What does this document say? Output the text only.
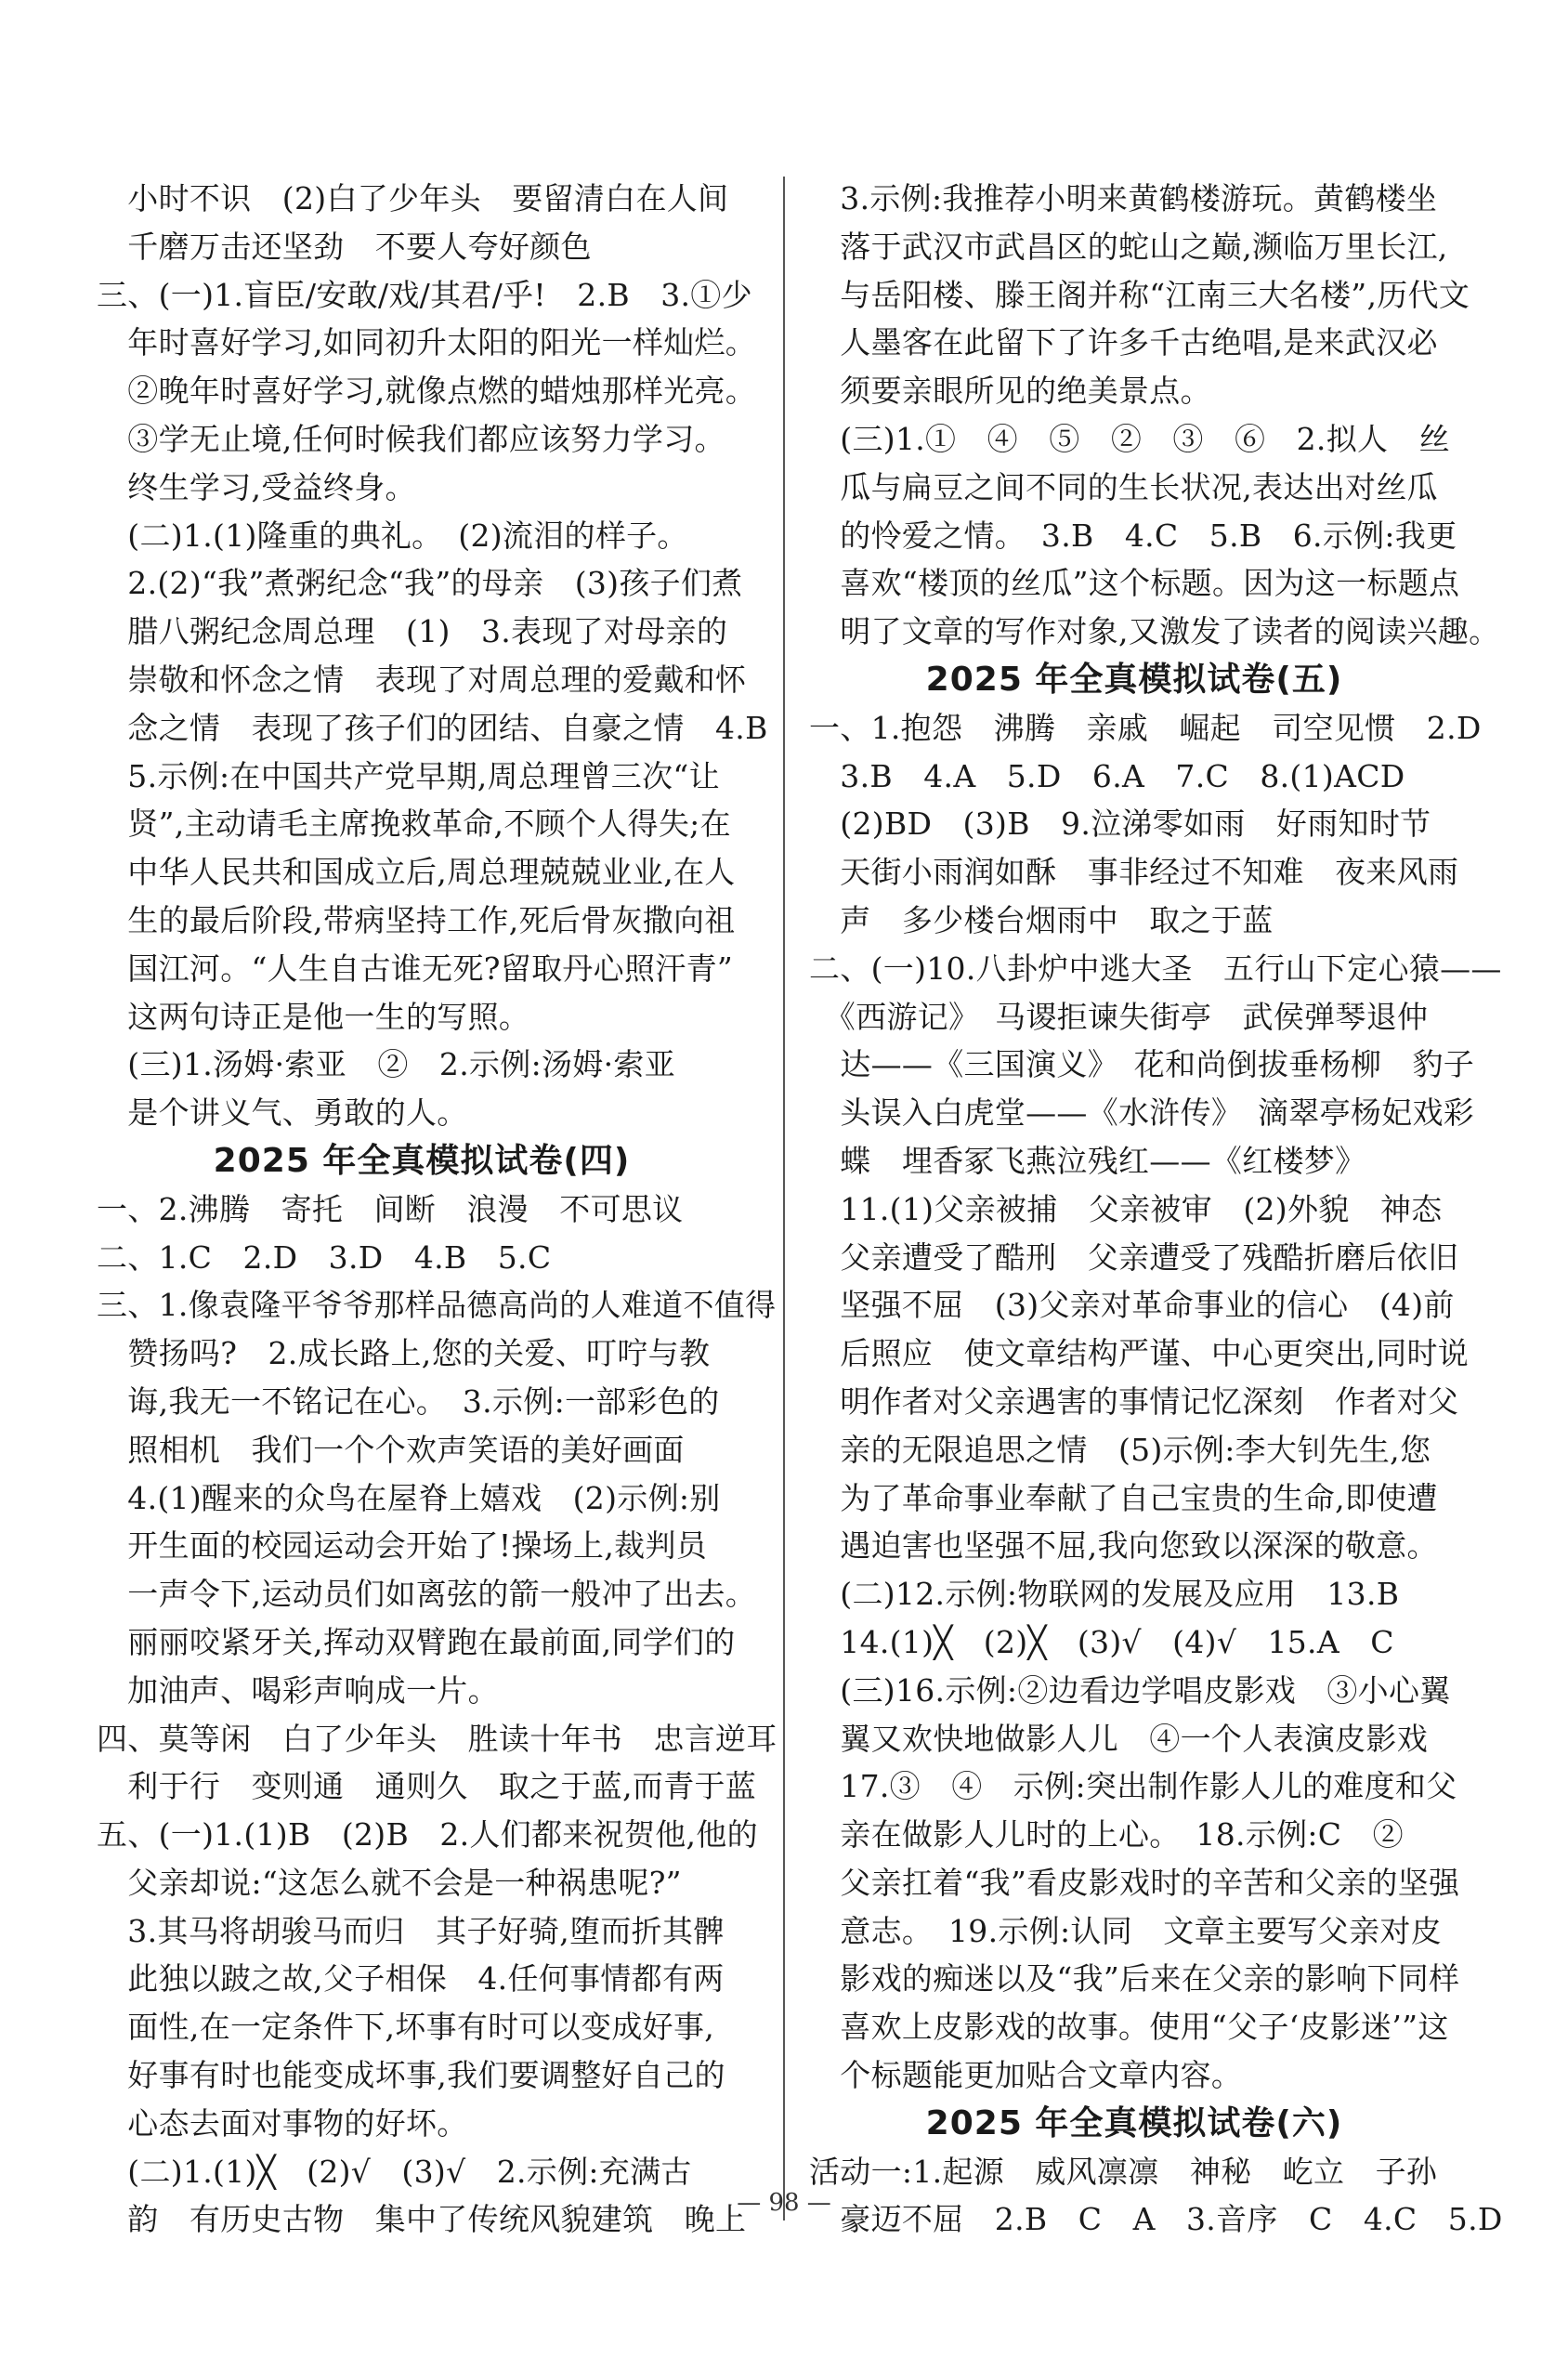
　小时不识　(2)白了少年头　要留清白在人间
　千磨万击还坚劲　不要人夸好颜色
三、(一)1.盲臣/安敢/戏/其君/乎!　2.B　3.①少
　年时喜好学习,如同初升太阳的阳光一样灿烂。
　②晚年时喜好学习,就像点燃的蜡烛那样光亮。
　③学无止境,任何时候我们都应该努力学习。
　终生学习,受益终身。
　(二)1.(1)隆重的典礼。　(2)流泪的样子。
　2.(2)“我”煮粥纪念“我”的母亲　(3)孩子们煮
　腊八粥纪念周总理　(1)　3.表现了对母亲的
　崇敬和怀念之情　表现了对周总理的爱戴和怀
　念之情　表现了孩子们的团结、自豪之情　4.B
　5.示例:在中国共产党早期,周总理曾三次“让
　贤”,主动请毛主席挽救革命,不顾个人得失;在
　中华人民共和国成立后,周总理兢兢业业,在人
　生的最后阶段,带病坚持工作,死后骨灰撒向祖
　国江河。“人生自古谁无死?留取丹心照汗青”
　这两句诗正是他一生的写照。
　(三)1.汤姆·索亚　②　2.示例:汤姆·索亚
　是个讲义气、勇敢的人。
2025 年全真模拟试卷(四)
一、2.沸腾　寄托　间断　浪漫　不可思议
二、1.C　2.D　3.D　4.B　5.C
三、1.像袁隆平爷爷那样品德高尚的人难道不值得
　赞扬吗?　2.成长路上,您的关爱、叮咛与教
　诲,我无一不铭记在心。　3.示例:一部彩色的
　照相机　我们一个个欢声笑语的美好画面
　4.(1)醒来的众鸟在屋脊上嬉戏　(2)示例:别
　开生面的校园运动会开始了!操场上,裁判员
　一声令下,运动员们如离弦的箭一般冲了出去。
　丽丽咬紧牙关,挥动双臂跑在最前面,同学们的
　加油声、喝彩声响成一片。
四、莫等闲　白了少年头　胜读十年书　忠言逆耳
　利于行　变则通　通则久　取之于蓝,而青于蓝
五、(一)1.(1)B　(2)B　2.人们都来祝贺他,他的
　父亲却说:“这怎么就不会是一种祸患呢?”
　3.其马将胡骏马而归　其子好骑,堕而折其髀
　此独以跛之故,父子相保　4.任何事情都有两
　面性,在一定条件下,坏事有时可以变成好事,
　好事有时也能变成坏事,我们要调整好自己的
　心态去面对事物的好坏。
　(二)1.(1)╳　(2)√　(3)√　2.示例:充满古
　韵　有历史古物　集中了传统风貌建筑　晚上
　3.示例:我推荐小明来黄鹤楼游玩。黄鹤楼坐
　落于武汉市武昌区的蛇山之巅,濒临万里长江,
　与岳阳楼、滕王阁并称“江南三大名楼”,历代文
　人墨客在此留下了许多千古绝唱,是来武汉必
　须要亲眼所见的绝美景点。
　(三)1.①　④　⑤　②　③　⑥　2.拟人　丝
　瓜与扁豆之间不同的生长状况,表达出对丝瓜
　的怜爱之情。　3.B　4.C　5.B　6.示例:我更
　喜欢“楼顶的丝瓜”这个标题。因为这一标题点
　明了文章的写作对象,又激发了读者的阅读兴趣。
2025 年全真模拟试卷(五)
一、1.抱怨　沸腾　亲戚　崛起　司空见惯　2.D
　3.B　4.A　5.D　6.A　7.C　8.(1)ACD
　(2)BD　(3)B　9.泣涕零如雨　好雨知时节
　天街小雨润如酥　事非经过不知难　夜来风雨
　声　多少楼台烟雨中　取之于蓝
二、(一)10.八卦炉中逃大圣　五行山下定心猿——
　《西游记》　马谡拒谏失街亭　武侯弹琴退仲
　达——《三国演义》　花和尚倒拔垂杨柳　豹子
　头误入白虎堂——《水浒传》　滴翠亭杨妃戏彩
　蝶　埋香冢飞燕泣残红——《红楼梦》
　11.(1)父亲被捕　父亲被审　(2)外貌　神态
　父亲遭受了酷刑　父亲遭受了残酷折磨后依旧
　坚强不屈　(3)父亲对革命事业的信心　(4)前
　后照应　使文章结构严谨、中心更突出,同时说
　明作者对父亲遇害的事情记忆深刻　作者对父
　亲的无限追思之情　(5)示例:李大钊先生,您
　为了革命事业奉献了自己宝贵的生命,即使遭
　遇迫害也坚强不屈,我向您致以深深的敬意。
　(二)12.示例:物联网的发展及应用　13.B
　14.(1)╳　(2)╳　(3)√　(4)√　15.A　C
　(三)16.示例:②边看边学唱皮影戏　③小心翼
　翼又欢快地做影人儿　④一个人表演皮影戏
　17.③　④　示例:突出制作影人儿的难度和父
　亲在做影人儿时的上心。　18.示例:C　②
　父亲扛着“我”看皮影戏时的辛苦和父亲的坚强
　意志。　19.示例:认同　文章主要写父亲对皮
　影戏的痴迷以及“我”后来在父亲的影响下同样
　喜欢上皮影戏的故事。使用“父子‘皮影迷’”这
　个标题能更加贴合文章内容。
2025 年全真模拟试卷(六)
活动一:1.起源　威风凛凛　神秘　屹立　子孙
　豪迈不屈　2.B　C　A　3.音序　C　4.C　5.D
— 98 —
